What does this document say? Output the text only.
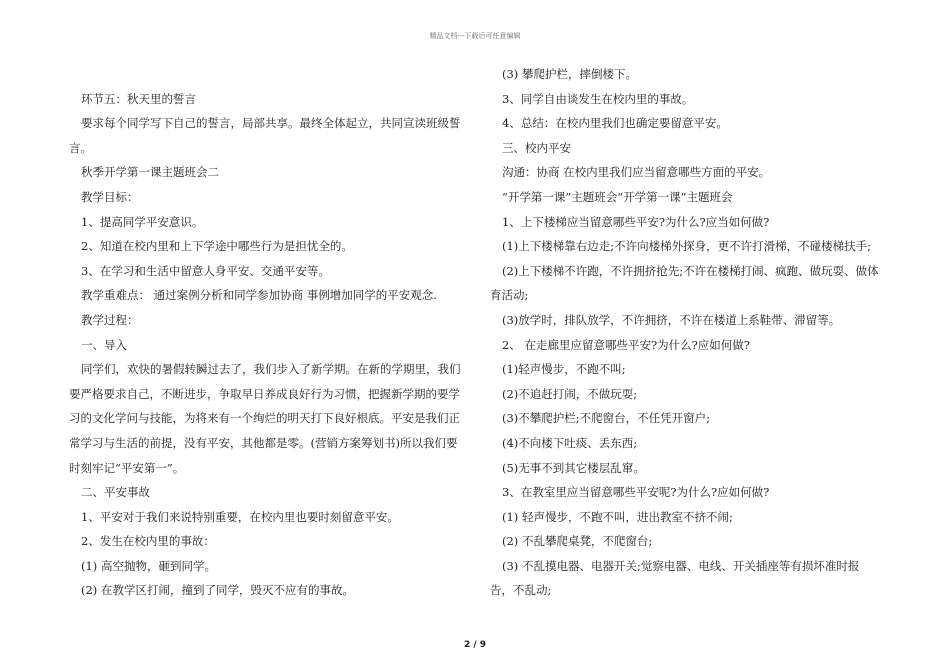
精品文档---下载后可任意编辑

环节五：秋天里的誓言

要求每个同学写下自己的誓言，局部共享。最终全体起立，共同宣读班级誓言。

秋季开学第一课主题班会二

教学目标：

1、提高同学平安意识。

2、知道在校内里和上下学途中哪些行为是担忧全的。

3、在学习和生活中留意人身平安、交通平安等。

教学重难点： 通过案例分析和同学参加协商 事例增加同学的平安观念.

教学过程：

一、导入

同学们，欢快的暑假转瞬过去了，我们步入了新学期。在新的学期里，我们要严格要求自己，不断进步，争取早日养成良好行为习惯，把握新学期的要学习的文化学问与技能，为将来有一个绚烂的明天打下良好根底。平安是我们正常学习与生活的前提，没有平安，其他都是零。(营销方案筹划书)所以我们要时刻牢记“平安第一”。

二、平安事故

1、平安对于我们来说特别重要，在校内里也要时刻留意平安。

2、发生在校内里的事故：

(1) 高空抛物，砸到同学。

(2) 在教学区打闹，撞到了同学，毁灭不应有的事故。

(3) 攀爬护栏，摔倒楼下。

3、同学自由谈发生在校内里的事故。

4、总结：在校内里我们也确定要留意平安。

三、校内平安

沟通：协商 在校内里我们应当留意哪些方面的平安。

“开学第一课”主题班会“开学第一课”主题班会

1、上下楼梯应当留意哪些平安?为什么?应当如何做?

(1)上下楼梯靠右边走;不许向楼梯外探身，更不许打滑梯，不碰楼梯扶手;

(2)上下楼梯不许跑，不许拥挤抢先;不许在楼梯打闹、疯跑、做玩耍、做体育活动;

(3)放学时，排队放学，不许拥挤，不许在楼道上系鞋带、滞留等。

2、 在走廊里应留意哪些平安?为什么?应如何做?

(1)轻声慢步，不跑不叫;

(2)不追赶打闹，不做玩耍;

(3)不攀爬护栏;不爬窗台，不任凭开窗户;

(4)不向楼下吐痰、丢东西;

(5)无事不到其它楼层乱窜。

3、在教室里应当留意哪些平安呢?为什么?应如何做?

(1) 轻声慢步，不跑不叫，进出教室不挤不闹;

(2) 不乱攀爬桌凳，不爬窗台;

(3) 不乱摸电器、电器开关;觉察电器、电线、开关插座等有损坏准时报告，不乱动;

2 / 9
